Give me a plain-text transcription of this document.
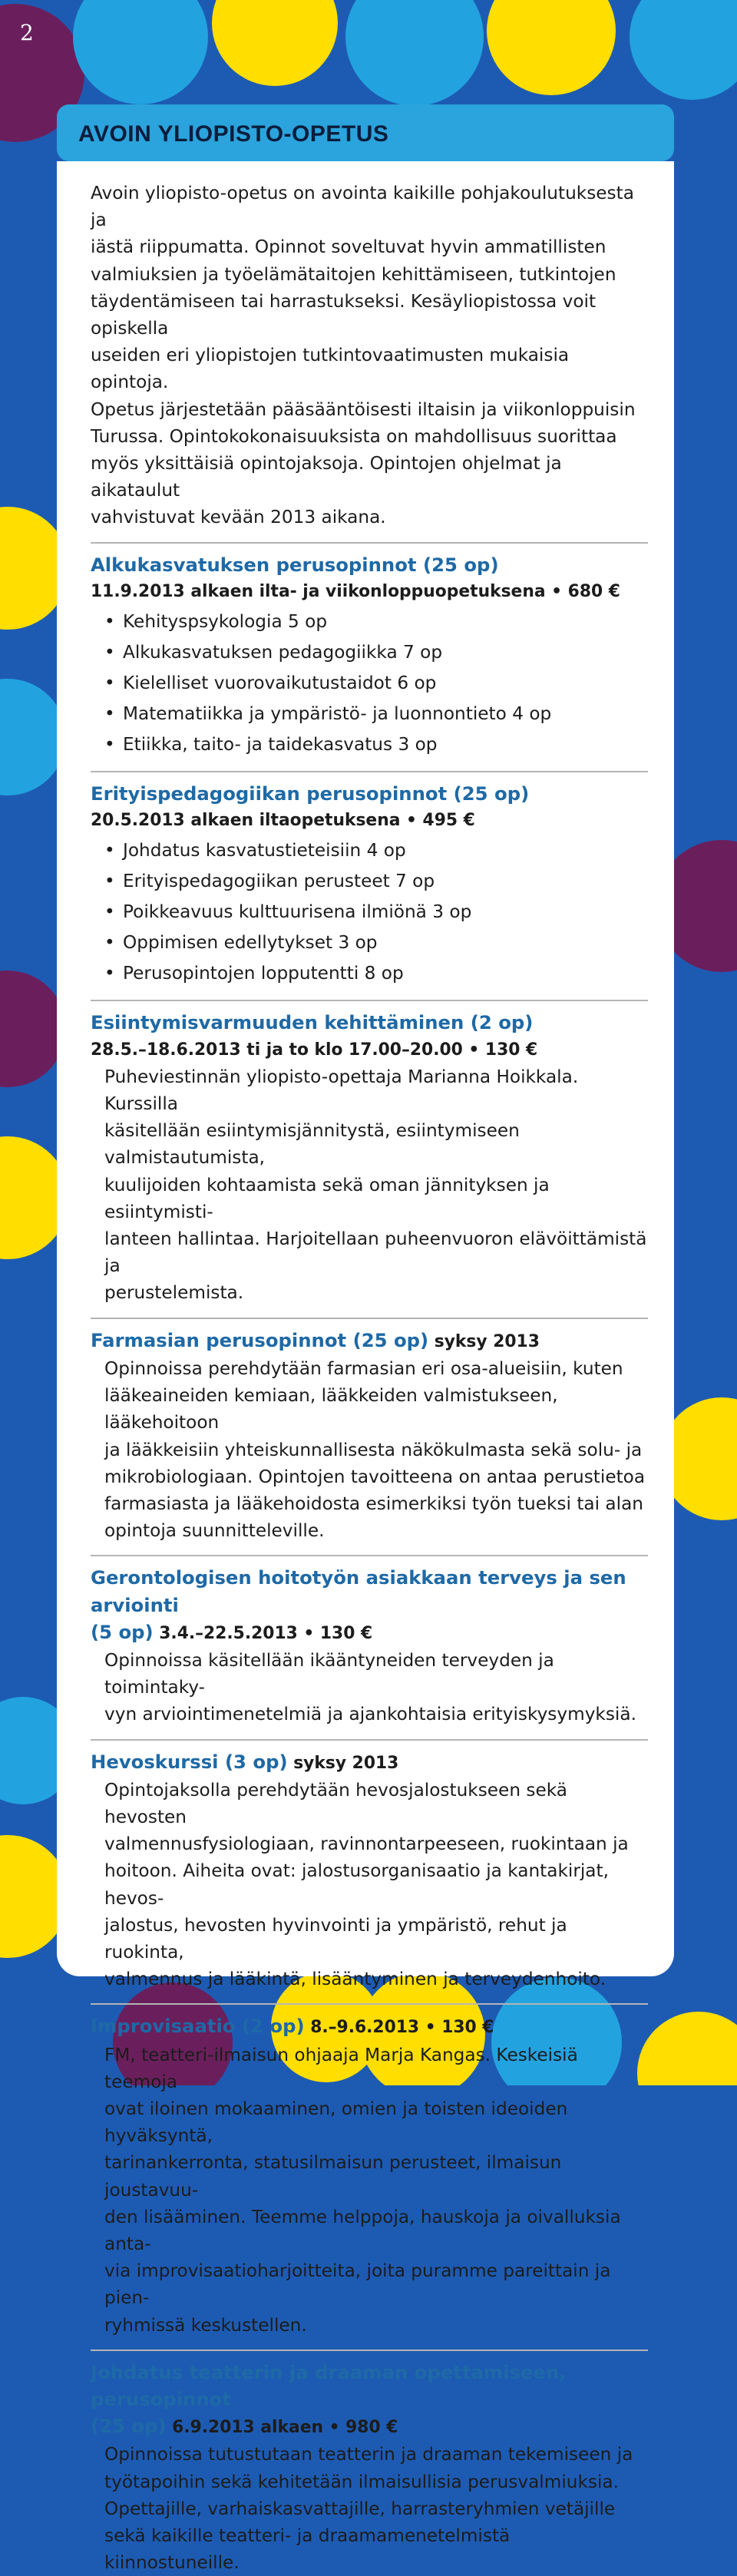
2
AVOIN YLIOPISTO-OPETUS
Avoin yliopisto-opetus on avointa kaikille pohjakoulutuksesta ja
iästä riippumatta. Opinnot soveltuvat hyvin ammatillisten
valmiuksien ja työelämätaitojen kehittämiseen, tutkintojen
täydentämiseen tai harrastukseksi. Kesäyliopistossa voit opiskella
useiden eri yliopistojen tutkintovaatimusten mukaisia opintoja.
Opetus järjestetään pääsääntöisesti iltaisin ja viikonloppuisin
Turussa. Opintokokonaisuuksista on mahdollisuus suorittaa
myös yksittäisiä opintojaksoja. Opintojen ohjelmat ja aikataulut
vahvistuvat kevään 2013 aikana.
Alkukasvatuksen perusopinnot (25 op)
11.9.2013 alkaen ilta- ja viikonloppuopetuksena • 680 €
• Kehityspsykologia 5 op
• Alkukasvatuksen pedagogiikka 7 op
• Kielelliset vuorovaikutustaidot 6 op
• Matematiikka ja ympäristö- ja luonnontieto 4 op
• Etiikka, taito- ja taidekasvatus 3 op
Erityispedagogiikan perusopinnot (25 op)
20.5.2013 alkaen iltaopetuksena • 495 €
• Johdatus kasvatustieteisiin 4 op
• Erityispedagogiikan perusteet 7 op
• Poikkeavuus kulttuurisena ilmiönä 3 op
• Oppimisen edellytykset 3 op
• Perusopintojen lopputentti 8 op
Esiintymisvarmuuden kehittäminen (2 op)
28.5.–18.6.2013 ti ja to klo 17.00–20.00 • 130 €
Puheviestinnän yliopisto-opettaja Marianna Hoikkala. Kurssilla
käsitellään esiintymisjännitystä, esiintymiseen valmistautumista,
kuulijoiden kohtaamista sekä oman jännityksen ja esiintymisti-
lanteen hallintaa. Harjoitellaan puheenvuoron elävöittämistä ja
perustelemista.
Farmasian perusopinnot (25 op) syksy 2013
Opinnoissa perehdytään farmasian eri osa-alueisiin, kuten
lääkeaineiden kemiaan, lääkkeiden valmistukseen, lääkehoitoon
ja lääkkeisiin yhteiskunnallisesta näkökulmasta sekä solu- ja
mikrobiologiaan. Opintojen tavoitteena on antaa perustietoa
farmasiasta ja lääkehoidosta esimerkiksi työn tueksi tai alan
opintoja suunnitteleville.
Gerontologisen hoitotyön asiakkaan terveys ja sen arviointi
(5 op) 3.4.–22.5.2013 • 130 €
Opinnoissa käsitellään ikääntyneiden terveyden ja toimintaky-
vyn arviointimenetelmiä ja ajankohtaisia erityiskysymyksiä.
Hevoskurssi (3 op) syksy 2013
Opintojaksolla perehdytään hevosjalostukseen sekä hevosten
valmennusfysiologiaan, ravinnontarpeeseen, ruokintaan ja
hoitoon. Aiheita ovat: jalostusorganisaatio ja kantakirjat, hevos-
jalostus, hevosten hyvinvointi ja ympäristö, rehut ja ruokinta,
valmennus ja lääkintä, lisääntyminen ja terveydenhoito.
Improvisaatio (2 op) 8.–9.6.2013 • 130 €
FM, teatteri-ilmaisun ohjaaja Marja Kangas. Keskeisiä teemoja
ovat iloinen mokaaminen, omien ja toisten ideoiden hyväksyntä,
tarinankerronta, statusilmaisun perusteet, ilmaisun joustavuu-
den lisääminen. Teemme helppoja, hauskoja ja oivalluksia anta-
via improvisaatioharjoitteita, joita puramme pareittain ja pien-
ryhmissä keskustellen.
Johdatus teatterin ja draaman opettamiseen, perusopinnot
(25 op) 6.9.2013 alkaen • 980 €
Opinnoissa tutustutaan teatterin ja draaman tekemiseen ja
työtapoihin sekä kehitetään ilmaisullisia perusvalmiuksia.
Opettajille, varhaiskasvattajille, harrasteryhmien vetäjille
sekä kaikille teatteri- ja draamamenetelmistä kiinnostuneille.
